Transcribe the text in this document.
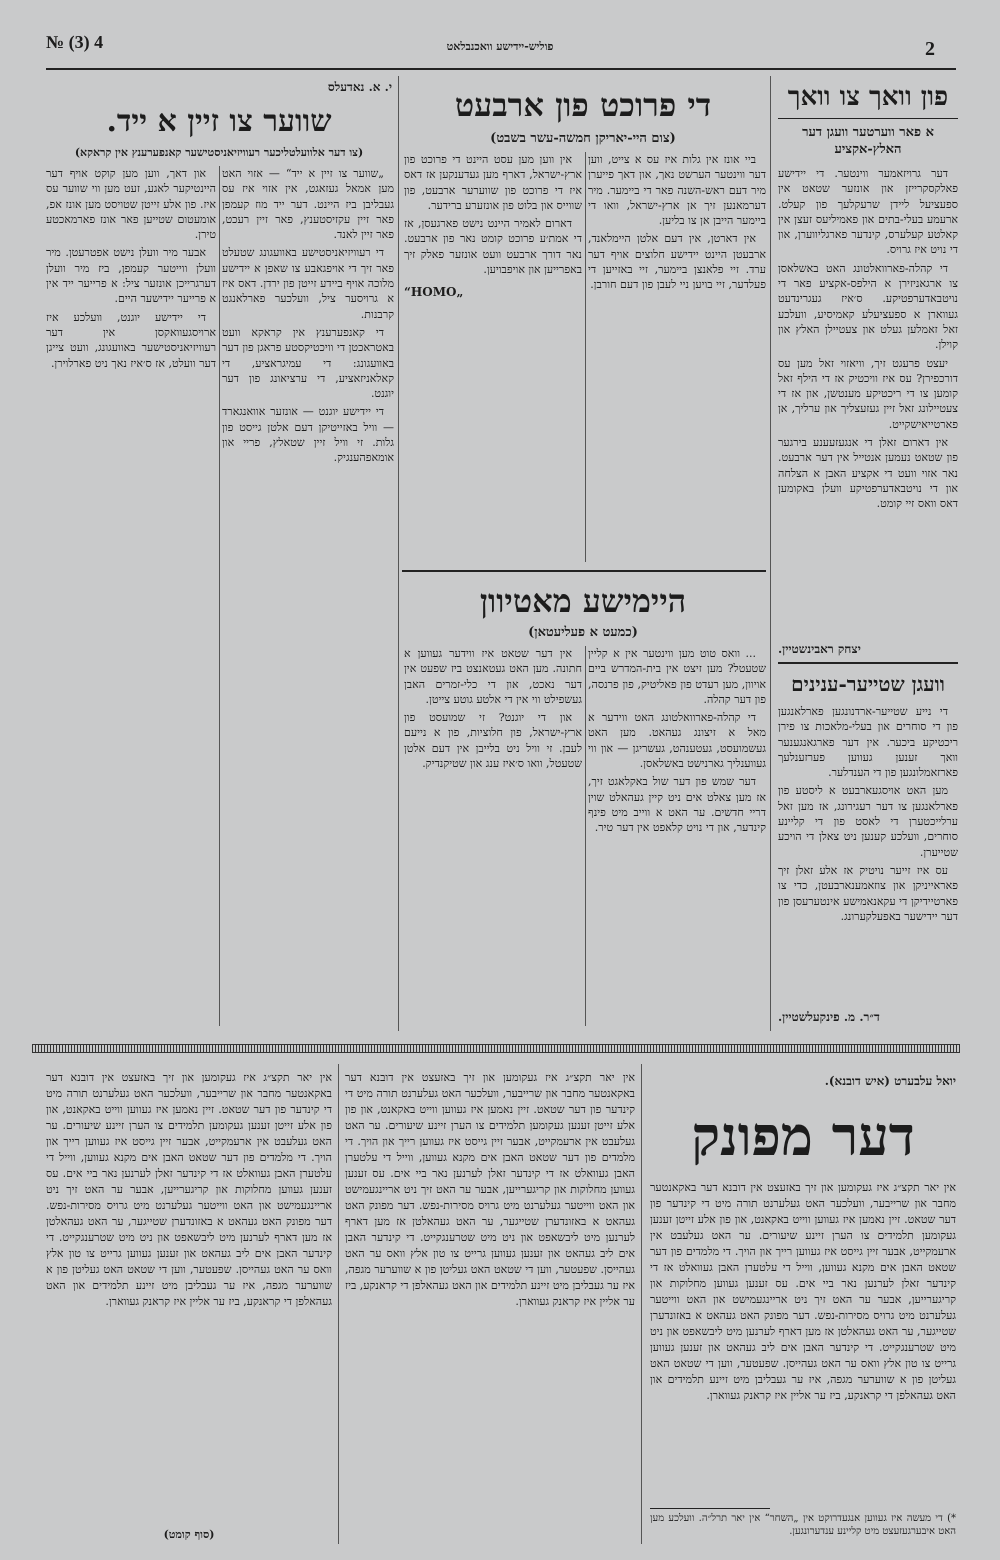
№ (3) 4	פוליש-יידישע וואכנבלאט	2
פון וואך צו וואך
א פאר ווערטער וועגן דער האלץ-אקציע

דער גרויזאמער ווינטער. די יידישע פאלקסקרייזן און אונזער שטאט אין ספעציעל ליידן שרעקלעך פון קעלט. ארעמע בעלי-בתים און פאמיליעס זעצן אין קאלטע קעלערס, קינדער פארגליווערן, און די נויט איז גרויס.

די קהלה-פארוואלטונג האט באשלאסן צו ארגאניזירן א הילפס-אקציע פאר די נויטבאדערפטיקע. ס׳איז געגרינדעט געווארן א ספעציעלע קאמיסיע, וועלכע זאל זאמלען געלט און צעטיילן האלץ און קוילן.

יעצט פרעגט זיך, וויאזוי זאל מען עס דורכפירן? עס איז וויכטיק אז די הילף זאל קומען צו די ריכטיקע מענטשן, און אז די צעטיילונג זאל זיין געזעצליך און ערליך, אן פארטייאישקייט.

אין דארום זאלן די אנגעזעענע בירגער פון שטאט נעמען אנטייל אין דער ארבעט. נאר אזוי וועט די אקציע האבן א הצלחה און די נויטבאדערפטיקע וועלן באקומען דאס וואס זיי קומט.

יצחק ראבינשטיין.
וועגן שטייער-ענינים

די נייע שטייער-ארדנונגען פארלאנגען פון די סוחרים און בעלי-מלאכות צו פירן ריכטיקע ביכער. אין דער פארגאנגענער וואך זענען געווען פערזענלעך פארזאמלונגען פון די הענדלער.

מען האט אויסגעארבעט א ליסטע פון פארלאנגען צו דער רעגירונג, אז מען זאל ערלייכטערן די לאסט פון די קליינע סוחרים, וועלכע קענען ניט צאלן די הויכע שטייערן.

עס איז זייער נויטיק אז אלע זאלן זיך פאראייניקן און צוזאמענארבעטן, כדי צו פארטיידיקן די עקאנאמישע אינטערעסן פון דער יידישער באפעלקערונג.

ד״ר. מ. פינקעלשטיין.
די פרוכט פון ארבעט
(צום היי-יאריקן חמשה-עשר בשבט)

ביי אונז אין גלות איז עס א צייט, ווען דער ווינטער הערשט נאך, און דאך פייערן מיר דעם ראש-השנה פאר די ביימער. מיר דערמאנען זיך אן ארץ-ישראל, וואו די ביימער הייבן אן צו בליען.

אין דארטן, אין דעם אלטן היימלאנד, ארבעטן היינט יידישע חלוצים אויף דער ערד. זיי פלאנצן ביימער, זיי באזייען די פעלדער, זיי בויען ניי לעבן פון דעם חורבן.

אין ווען מען עסט היינט די פרוכט פון ארץ-ישראל, דארף מען געדענקען אז דאס איז די פרוכט פון שווערער ארבעט, פון שווייס און בלוט פון אונזערע ברידער.

דארום לאמיר היינט נישט פארגעסן, אז די אמת׳ע פרוכט קומט נאר פון ארבעט. נאר דורך ארבעט וועט אונזער פאלק זיך באפרייען און אויפבויען.

„HOMO“
היימישע מאטיוון
(כמעט א פעליעטאן)

... וואס טוט מען ווינטער אין א קליין שטעטל? מען זיצט אין בית-המדרש ביים אויוון, מען רעדט פון פאליטיק, פון פרנסה, פון דער קהלה.

די קהלה-פארוואלטונג האט ווידער א מאל א זיצונג געהאט. מען האט געשמועסט, געטענהט, געשריגן — און ווי געווענליך גארנישט באשלאסן.

דער שמש פון דער שול באקלאגט זיך, אז מען צאלט אים ניט קיין געהאלט שוין דריי חדשים. ער האט א ווייב מיט פינף קינדער, און די נויט קלאפט אין דער טיר.

אין דער שטאט איז ווידער געווען א חתונה. מען האט געטאנצט ביז שפעט אין דער נאכט, און די כלי-זמרים האבן געשפילט ווי אין די אלטע גוטע צייטן.

און די יוגנט? זי שמועסט פון ארץ-ישראל, פון חלוציות, פון א נייעם לעבן. זי וויל ניט בלייבן אין דעם אלטן שטעטל, וואו ס׳איז ענג און שטיקנדיק.

י. א. נאדעלס
שווער צו זיין א ייד.
(צו דער אלוועלטליכער רעוויזיאניסטישער קאנפערענץ אין קראקא)

„שווער צו זיין א ייד“ — אזוי האט מען אמאל געזאגט, אין אזוי איז עס געבליבן ביז היינט. דער ייד מוז קעמפן פאר זיין עקזיסטענץ, פאר זיין רעכט, פאר זיין לאנד.

די רעוויזיאניסטישע באוועגונג שטעלט פאר זיך די אויפגאבע צו שאפן א יידישע מלוכה אויף ביידע זייטן פון ירדן. דאס איז א גרויסער ציל, וועלכער פארלאנגט קרבנות.

די קאנפערענץ אין קראקא וועט באטראכטן די וויכטיקסטע פראגן פון דער באוועגונג: די עמיגראציע, די קאלאניזאציע, די ערציאונג פון דער יוגנט.

די יידישע יוגנט — אונזער אוואנגארד — וויל באזייטיקן דעם אלטן גייסט פון גלות. זי וויל זיין שטאלץ, פריי און אומאפהענגיק.

און דאך, ווען מען קוקט אויף דער היינטיקער לאגע, זעט מען ווי שווער עס איז. פון אלע זייטן שטויסט מען אונז אפ, אומעטום שטייען פאר אונז פארמאכטע טירן.

אבער מיר וועלן נישט אפטרעטן. מיר וועלן ווייטער קעמפן, ביז מיר וועלן דערגרייכן אונזער ציל: א פרייער ייד אין א פרייער יידישער היים.

די יידישע יוגנט, וועלכע איז ארויסגעוואקסן אין דער רעוויזיאניסטישער באוועגונג, וועט צייגן דער וועלט, אז ס׳איז נאך ניט פארלוירן.

יואל עלבערט (איש דובנא).
דער מפונק
אין יאר תקצ״ג איז געקומען און זיך באזעצט אין דובנא דער באקאנטער מחבר און שרייבער, וועלכער האט געלערנט תורה מיט די קינדער פון דער שטאט. זיין נאמען איז געווען ווייט באקאנט, און פון אלע זייטן זענען געקומען תלמידים צו הערן זיינע שיעורים. ער האט געלעבט אין ארעמקייט, אבער זיין גייסט איז געווען רייך און הויך. די מלמדים פון דער שטאט האבן אים מקנא געווען, ווייל די עלטערן האבן געוואלט אז די קינדער זאלן לערנען נאר ביי אים. עס זענען געווען מחלוקות און קריגערייען, אבער ער האט זיך ניט אריינגעמישט און האט ווייטער געלערנט מיט גרויס מסירות-נפש. דער מפונק האט געהאט א באזונדערן שטייגער, ער האט געהאלטן אז מען דארף לערנען מיט ליבשאפט און ניט מיט שטרענגקייט. די קינדער האבן אים ליב געהאט און זענען געווען גרייט צו טון אלץ וואס ער האט געהייסן. שפעטער, ווען די שטאט האט געליטן פון א שווערער מגפה, איז ער געבליבן מיט זיינע תלמידים און האט געהאלפן די קראנקע, ביז ער אליין איז קראנק געווארן.
*) די מעשה איז געווען אנגעדרוקט אין „השחר“ אין יאר תרל״ה. וועלכע מען האט איבערגעזעצט מיט קליינע ענדערונגען.
אין יאר תקצ״ג איז געקומען און זיך באזעצט אין דובנא דער באקאנטער מחבר און שרייבער, וועלכער האט געלערנט תורה מיט די קינדער פון דער שטאט. זיין נאמען איז געווען ווייט באקאנט, און פון אלע זייטן זענען געקומען תלמידים צו הערן זיינע שיעורים. ער האט געלעבט אין ארעמקייט, אבער זיין גייסט איז געווען רייך און הויך. די מלמדים פון דער שטאט האבן אים מקנא געווען, ווייל די עלטערן האבן געוואלט אז די קינדער זאלן לערנען נאר ביי אים. עס זענען געווען מחלוקות און קריגערייען, אבער ער האט זיך ניט אריינגעמישט און האט ווייטער געלערנט מיט גרויס מסירות-נפש. דער מפונק האט געהאט א באזונדערן שטייגער, ער האט געהאלטן אז מען דארף לערנען מיט ליבשאפט און ניט מיט שטרענגקייט. די קינדער האבן אים ליב געהאט און זענען געווען גרייט צו טון אלץ וואס ער האט געהייסן. שפעטער, ווען די שטאט האט געליטן פון א שווערער מגפה, איז ער געבליבן מיט זיינע תלמידים און האט געהאלפן די קראנקע, ביז ער אליין איז קראנק געווארן.
אין יאר תקצ״ג איז געקומען און זיך באזעצט אין דובנא דער באקאנטער מחבר און שרייבער, וועלכער האט געלערנט תורה מיט די קינדער פון דער שטאט. זיין נאמען איז געווען ווייט באקאנט, און פון אלע זייטן זענען געקומען תלמידים צו הערן זיינע שיעורים. ער האט געלעבט אין ארעמקייט, אבער זיין גייסט איז געווען רייך און הויך. די מלמדים פון דער שטאט האבן אים מקנא געווען, ווייל די עלטערן האבן געוואלט אז די קינדער זאלן לערנען נאר ביי אים. עס זענען געווען מחלוקות און קריגערייען, אבער ער האט זיך ניט אריינגעמישט און האט ווייטער געלערנט מיט גרויס מסירות-נפש. דער מפונק האט געהאט א באזונדערן שטייגער, ער האט געהאלטן אז מען דארף לערנען מיט ליבשאפט און ניט מיט שטרענגקייט. די קינדער האבן אים ליב געהאט און זענען געווען גרייט צו טון אלץ וואס ער האט געהייסן. שפעטער, ווען די שטאט האט געליטן פון א שווערער מגפה, איז ער געבליבן מיט זיינע תלמידים און האט געהאלפן די קראנקע, ביז ער אליין איז קראנק געווארן.
(סוף קומט)
